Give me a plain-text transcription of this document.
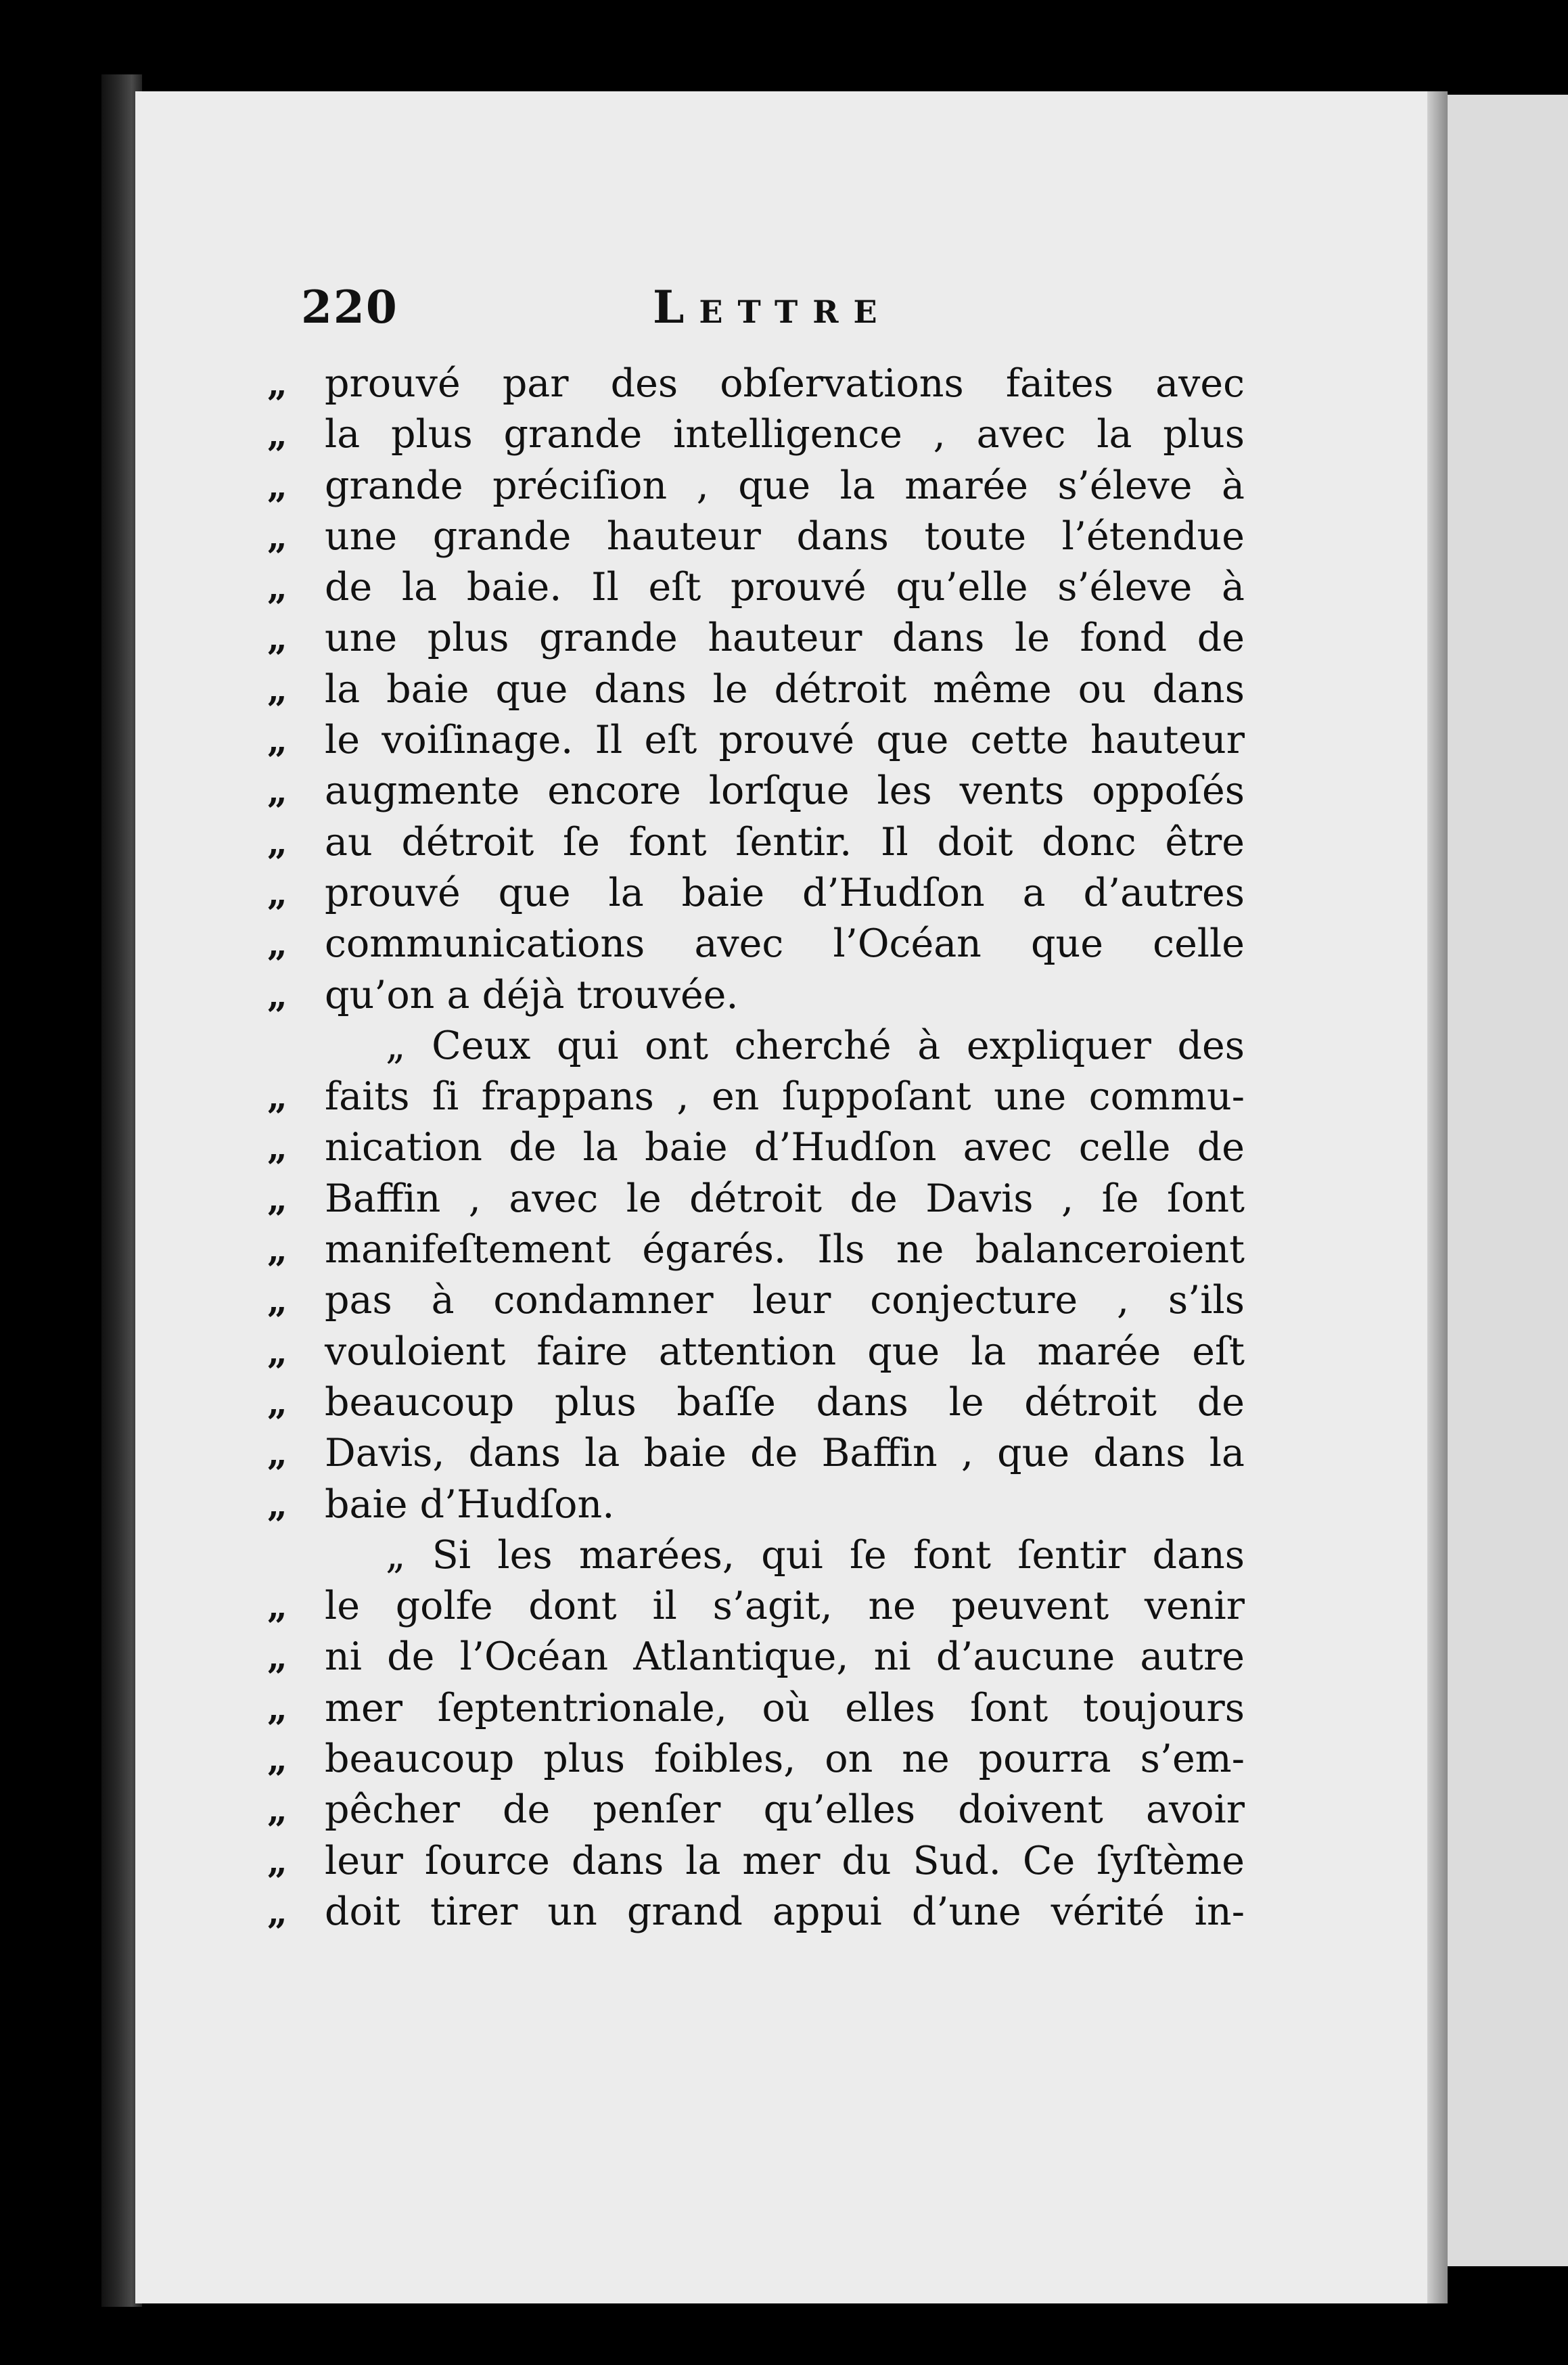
220	Lettre
„ prouvé par des obſervations faites avec
„ la plus grande intelligence , avec la plus
„ grande préciſion , que la marée s’éleve à
„ une grande hauteur dans toute l’étendue
„ de la baie. Il eſt prouvé qu’elle s’éleve à
„ une plus grande hauteur dans le fond de
„ la baie que dans le détroit même ou dans
„ le voiſinage. Il eſt prouvé que cette hauteur
„ augmente encore lorſque les vents oppoſés
„ au détroit ſe font ſentir. Il doit donc être
„ prouvé que la baie d’Hudſon a d’autres
„ communications avec l’Océan que celle
„ qu’on a déjà trouvée.
„ Ceux qui ont cherché à expliquer des
„ faits ſi frappans , en ſuppoſant une commu-
„ nication de la baie d’Hudſon avec celle de
„ Baffin , avec le détroit de Davis , ſe ſont
„ manifeſtement égarés. Ils ne balanceroient
„ pas à condamner leur conjecture , s’ils
„ vouloient faire attention que la marée eſt
„ beaucoup plus baſſe dans le détroit de
„ Davis, dans la baie de Baffin , que dans la
„ baie d’Hudſon.
„ Si les marées, qui ſe font ſentir dans
„ le golfe dont il s’agit, ne peuvent venir
„ ni de l’Océan Atlantique, ni d’aucune autre
„ mer ſeptentrionale, où elles ſont toujours
„ beaucoup plus foibles, on ne pourra s’em-
„ pêcher de penſer qu’elles doivent avoir
„ leur ſource dans la mer du Sud. Ce ſyſtème
„ doit tirer un grand appui d’une vérité in-
